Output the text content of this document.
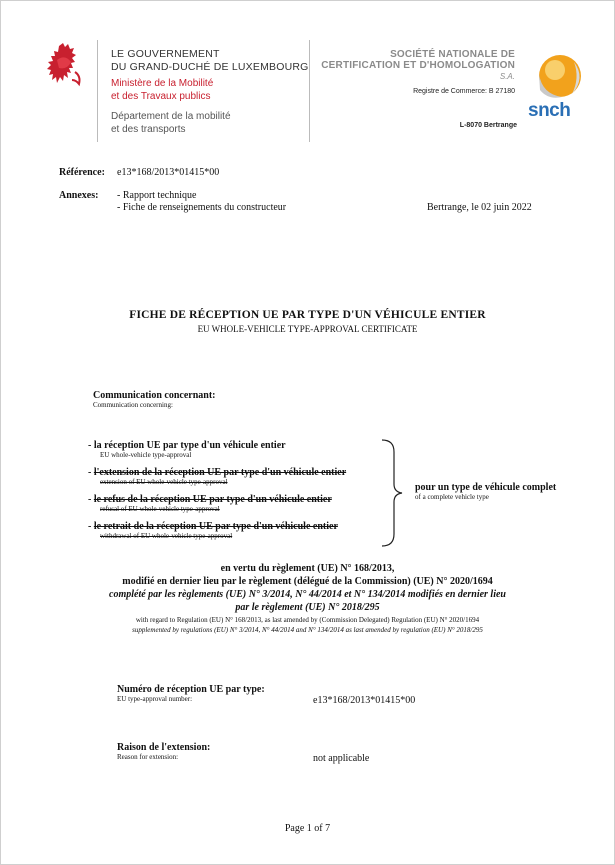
LE GOUVERNEMENT
DU GRAND-DUCHÉ DE LUXEMBOURG
Ministère de la Mobilité
et des Travaux publics
Département de la mobilité
et des transports
SOCIÉTÉ NATIONALE DE
CERTIFICATION ET D'HOMOLOGATION
S.A.
Registre de Commerce: B 27180
L-8070 Bertrange
snch
Référence: e13*168/2013*01415*00
Annexes: - Rapport technique
- Fiche de renseignements du constructeur	Bertrange, le 02 juin 2022
FICHE DE RÉCEPTION UE PAR TYPE D'UN VÉHICULE ENTIER
EU WHOLE-VEHICLE TYPE-APPROVAL CERTIFICATE
Communication concernant:
Communication concerning:
- la réception UE par type d'un véhicule entier
EU whole-vehicle type-approval
- l'extension de la réception UE par type d'un véhicule entier
extension of EU whole-vehicle type-approval
- le refus de la réception UE par type d'un véhicule entier
refusal of EU whole-vehicle type-approval
- le retrait de la réception UE par type d'un véhicule entier
withdrawal of EU whole-vehicle type-approval
pour un type de véhicule complet
of a complete vehicle type
en vertu du règlement (UE) N° 168/2013,
modifié en dernier lieu par le règlement (délégué de la Commission) (UE) N° 2020/1694
complété par les règlements (UE) N° 3/2014, N° 44/2014 et N° 134/2014 modifiés en dernier lieu
par le règlement (UE) N° 2018/295
with regard to Regulation (EU) N° 168/2013, as last amended by (Commission Delegated) Regulation (EU) N° 2020/1694
supplemented by regulations (EU) N° 3/2014, N° 44/2014 and N° 134/2014 as last amended by regulation (EU) N° 2018/295
Numéro de réception UE par type:
EU type-approval number:	e13*168/2013*01415*00
Raison de l'extension:
Reason for extension:	not applicable
Page 1 of 7
